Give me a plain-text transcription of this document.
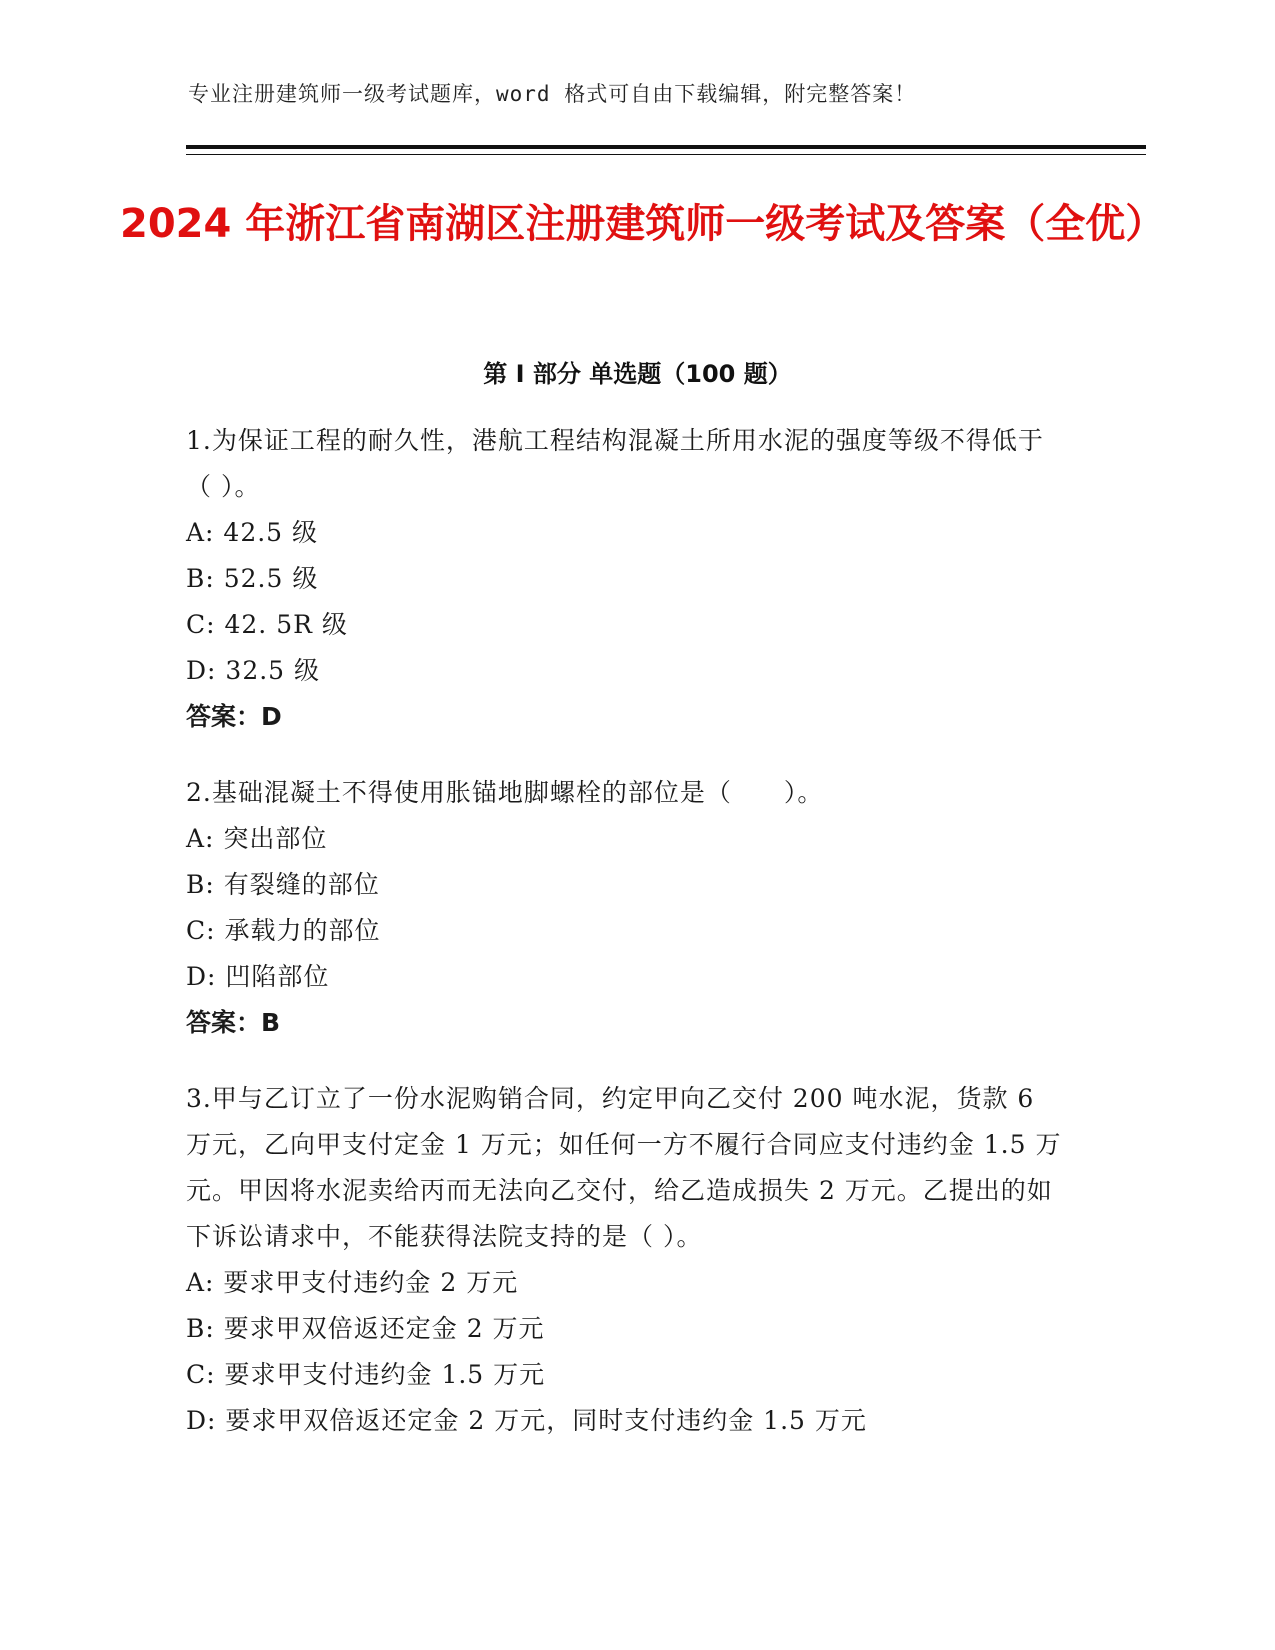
专业注册建筑师一级考试题库，word 格式可自由下载编辑，附完整答案！
2024 年浙江省南湖区注册建筑师一级考试及答案（全优）
第 I 部分 单选题（100 题）

1.为保证工程的耐久性，港航工程结构混凝土所用水泥的强度等级不得低于（ ）。

A: 42.5 级

B: 52.5 级

C: 42. 5R 级

D: 32.5 级

答案：D

2.基础混凝土不得使用胀锚地脚螺栓的部位是（　　）。

A: 突出部位

B: 有裂缝的部位

C: 承载力的部位

D: 凹陷部位

答案：B

3.甲与乙订立了一份水泥购销合同，约定甲向乙交付 200 吨水泥，货款 6 万元，乙向甲支付定金 1 万元；如任何一方不履行合同应支付违约金 1.5 万元。甲因将水泥卖给丙而无法向乙交付，给乙造成损失 2 万元。乙提出的如下诉讼请求中，不能获得法院支持的是（ ）。

A: 要求甲支付违约金 2 万元

B: 要求甲双倍返还定金 2 万元

C: 要求甲支付违约金 1.5 万元

D: 要求甲双倍返还定金 2 万元，同时支付违约金 1.5 万元
